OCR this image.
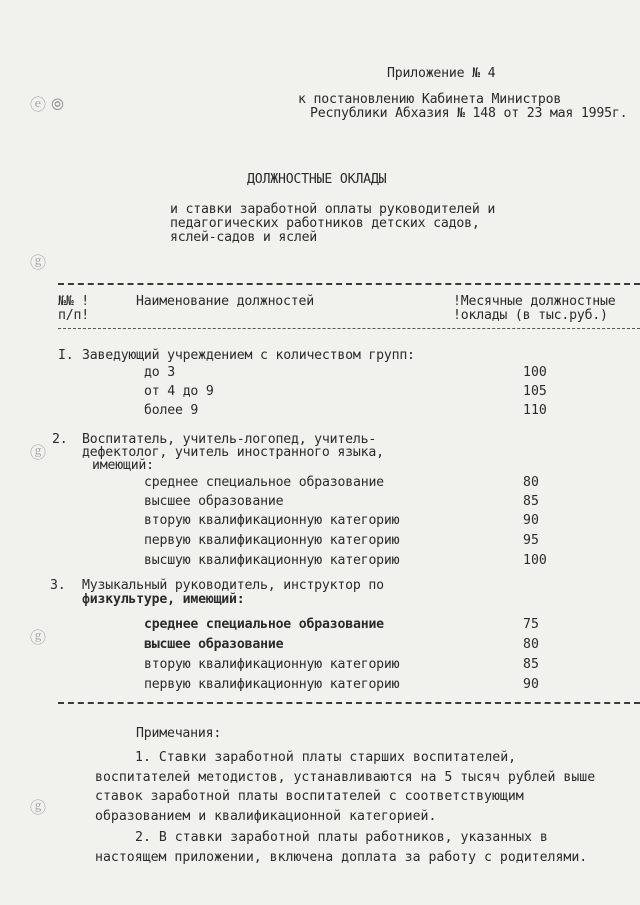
ⓔ ⦾
ⓖ
ⓖ
ⓖ
ⓖ
Приложение № 4
к постановлению Кабинета Министров
Республики Абхазия № 148 от 23 мая 1995г.
ДОЛЖНОСТНЫЕ ОКЛАДЫ
и ставки заработной оплаты руководителей и
педагогических работников детских садов,
яслей-садов и яслей
№№ !
п/п!
Наименование должностей	!Месячные должностные
!оклады (в тыс.руб.)
I. Заведующий учреждением с количеством групп:
до 3	100
от 4 до 9	105
более 9	110
2. Воспитатель, учитель-логопед, учитель-
дефектолог, учитель иностранного языка,
имеющий:
среднее специальное образование	80
высшее образование	85
вторую квалификационную категорию	90
первую квалификационную категорию	95
высшую квалификационную категорию	100
3. Музыкальный руководитель, инструктор по
физкультуре, имеющий:
среднее специальное образование	75
высшее образование	80
вторую квалификационную категорию	85
первую квалификационную категорию	90
Примечания:
1. Ставки заработной платы старших воспитателей, воспитателей методистов, устанавливаются на 5 тысяч рублей выше ставок заработной платы воспитателей с соответствующим образованием и квалификационной категорией.
2. В ставки заработной платы работников, указанных в настоящем приложении, включена доплата за работу с родителями.
